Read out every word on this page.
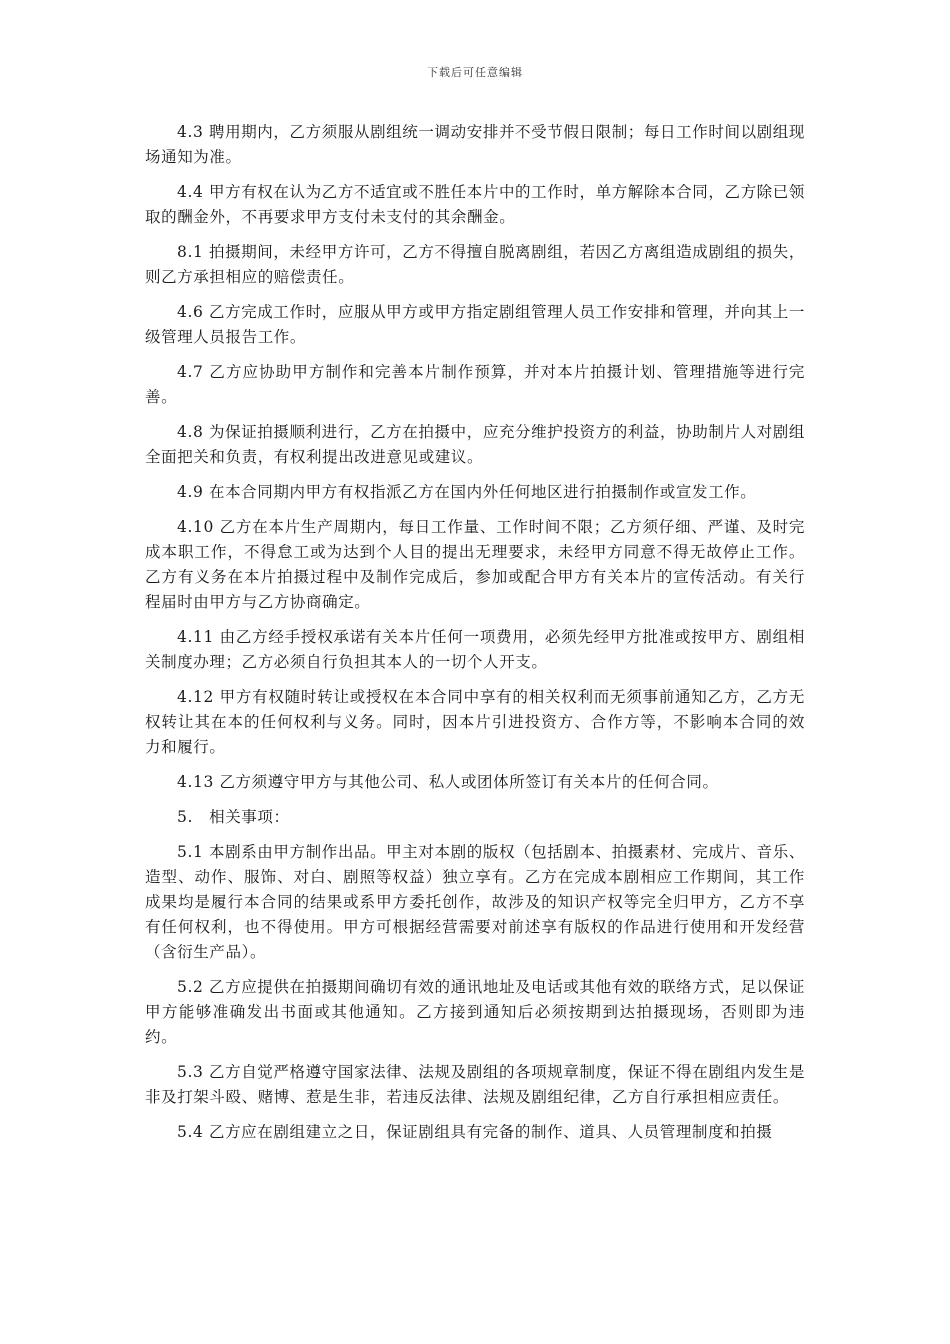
下载后可任意编辑

4.3 聘用期内，乙方须服从剧组统一调动安排并不受节假日限制；每日工作时间以剧组现场通知为准。

4.4 甲方有权在认为乙方不适宜或不胜任本片中的工作时，单方解除本合同，乙方除已领取的酬金外，不再要求甲方支付未支付的其余酬金。

8.1 拍摄期间，未经甲方许可，乙方不得擅自脱离剧组，若因乙方离组造成剧组的损失，则乙方承担相应的赔偿责任。

4.6 乙方完成工作时，应服从甲方或甲方指定剧组管理人员工作安排和管理，并向其上一级管理人员报告工作。

4.7 乙方应协助甲方制作和完善本片制作预算，并对本片拍摄计划、管理措施等进行完善。

4.8 为保证拍摄顺利进行，乙方在拍摄中，应充分维护投资方的利益，协助制片人对剧组全面把关和负责，有权利提出改进意见或建议。

4.9 在本合同期内甲方有权指派乙方在国内外任何地区进行拍摄制作或宣发工作。

4.10 乙方在本片生产周期内，每日工作量、工作时间不限；乙方须仔细、严谨、及时完成本职工作，不得怠工或为达到个人目的提出无理要求，未经甲方同意不得无故停止工作。乙方有义务在本片拍摄过程中及制作完成后，参加或配合甲方有关本片的宣传活动。有关行程届时由甲方与乙方协商确定。

4.11 由乙方经手授权承诺有关本片任何一项费用，必须先经甲方批准或按甲方、剧组相关制度办理；乙方必须自行负担其本人的一切个人开支。

4.12 甲方有权随时转让或授权在本合同中享有的相关权利而无须事前通知乙方，乙方无权转让其在本的任何权利与义务。同时，因本片引进投资方、合作方等，不影响本合同的效力和履行。

4.13 乙方须遵守甲方与其他公司、私人或团体所签订有关本片的任何合同。

5.　相关事项：

5.1 本剧系由甲方制作出品。甲主对本剧的版权（包括剧本、拍摄素材、完成片、音乐、造型、动作、服饰、对白、剧照等权益）独立享有。乙方在完成本剧相应工作期间，其工作成果均是履行本合同的结果或系甲方委托创作，故涉及的知识产权等完全归甲方，乙方不享有任何权利，也不得使用。甲方可根据经营需要对前述享有版权的作品进行使用和开发经营（含衍生产品）。

5.2 乙方应提供在拍摄期间确切有效的通讯地址及电话或其他有效的联络方式，足以保证甲方能够准确发出书面或其他通知。乙方接到通知后必须按期到达拍摄现场，否则即为违约。

5.3 乙方自觉严格遵守国家法律、法规及剧组的各项规章制度，保证不得在剧组内发生是非及打架斗殴、赌博、惹是生非，若违反法律、法规及剧组纪律，乙方自行承担相应责任。

5.4 乙方应在剧组建立之日，保证剧组具有完备的制作、道具、人员管理制度和拍摄
